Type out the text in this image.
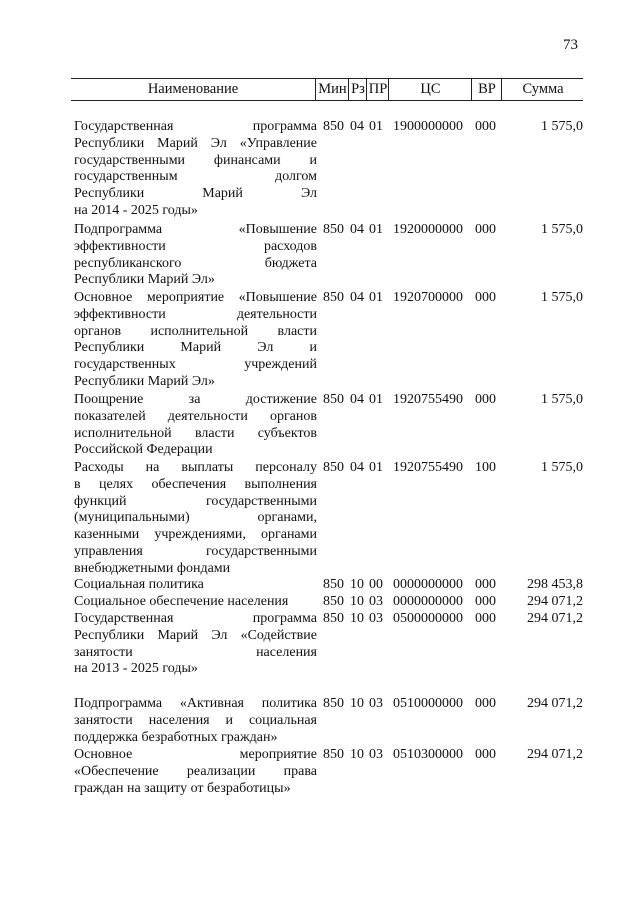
73
Наименование	Мин Рз ПР	ЦС	ВР	Сумма
Государственная программа
Республики Марий Эл «Управление
государственными финансами и
государственным долгом
Республики Марий Эл
на 2014 - 2025 годы»
850 04 01 1900000000 000	1 575,0
Подпрограмма «Повышение
эффективности расходов
республиканского бюджета
Республики Марий Эл»
850 04 01 1920000000 000	1 575,0
Основное мероприятие «Повышение
эффективности деятельности
органов исполнительной власти
Республики Марий Эл и
государственных учреждений
Республики Марий Эл»
850 04 01 1920700000 000	1 575,0
Поощрение за достижение
показателей деятельности органов
исполнительной власти субъектов
Российской Федерации
850 04 01 1920755490 000	1 575,0
Расходы на выплаты персоналу
в целях обеспечения выполнения
функций государственными
(муниципальными) органами,
казенными учреждениями, органами
управления государственными
внебюджетными фондами
850 04 01 1920755490 100	1 575,0
Социальная политика	850 10 00 0000000000 000	298 453,8
Социальное обеспечение населения	850 10 03 0000000000 000	294 071,2
Государственная программа
Республики Марий Эл «Содействие
занятости населения
на 2013 - 2025 годы»
850 10 03 0500000000 000	294 071,2
Подпрограмма «Активная политика
занятости населения и социальная
поддержка безработных граждан»
850 10 03 0510000000 000	294 071,2
Основное мероприятие
«Обеспечение реализации права
граждан на защиту от безработицы»
850 10 03 0510300000 000	294 071,2
